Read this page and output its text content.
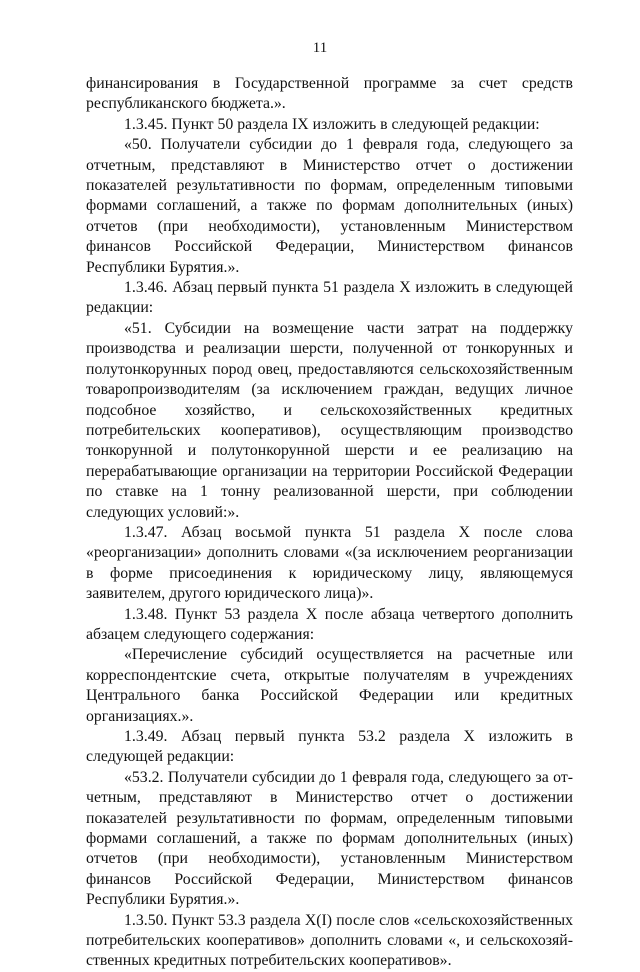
11

финансирования в Государственной программе за счет средств республиканского бюджета.».

1.3.45. Пункт 50 раздела IX изложить в следующей редакции:

«50. Получатели субсидии до 1 февраля года, следующего за отчетным, представляют в Министерство отчет о достижении показателей результативности по формам, определенным типовыми формами соглашений, а также по формам дополнительных (иных) отчетов (при необходимости), установленным Министерством финансов Российской Федерации, Министерством финансов Республики Бурятия.».

1.3.46. Абзац первый пункта 51 раздела X изложить в следующей редакции:

«51. Субсидии на возмещение части затрат на поддержку производства и реализации шерсти, полученной от тонкорунных и полутонкорунных пород овец, предоставляются сельскохозяйственным товаропроизводителям (за исключением граждан, ведущих личное подсобное хозяйство, и сельскохозяйственных кредитных потребительских кооперативов), осуществляющим производство тонкорунной и полутонкорунной шерсти и ее реализацию на перерабатывающие организации на территории Российской Федерации по ставке на 1 тонну реализованной шерсти, при соблюдении следующих условий:».

1.3.47. Абзац восьмой пункта 51 раздела X после слова «реорганизации» дополнить словами «(за исключением реорганизации в форме присоединения к юридическому лицу, являющемуся заявителем, другого юридического лица)».

1.3.48. Пункт 53 раздела X после абзаца четвертого дополнить абзацем следующего содержания:

«Перечисление субсидий осуществляется на расчетные или корреспондентские счета, открытые получателям в учреждениях Центрального банка Российской Федерации или кредитных организациях.».

1.3.49. Абзац первый пункта 53.2 раздела X изложить в следующей редакции:

«53.2. Получатели субсидии до 1 февраля года, следующего за отчетным, представляют в Министерство отчет о достижении показателей результативности по формам, определенным типовыми формами соглашений, а также по формам дополнительных (иных) отчетов (при необходимости), установленным Министерством финансов Российской Федерации, Министерством финансов Республики Бурятия.».

1.3.50. Пункт 53.3 раздела X(I) после слов «сельскохозяйственных потребительских кооперативов» дополнить словами «, и сельскохозяйственных кредитных потребительских кооперативов».
